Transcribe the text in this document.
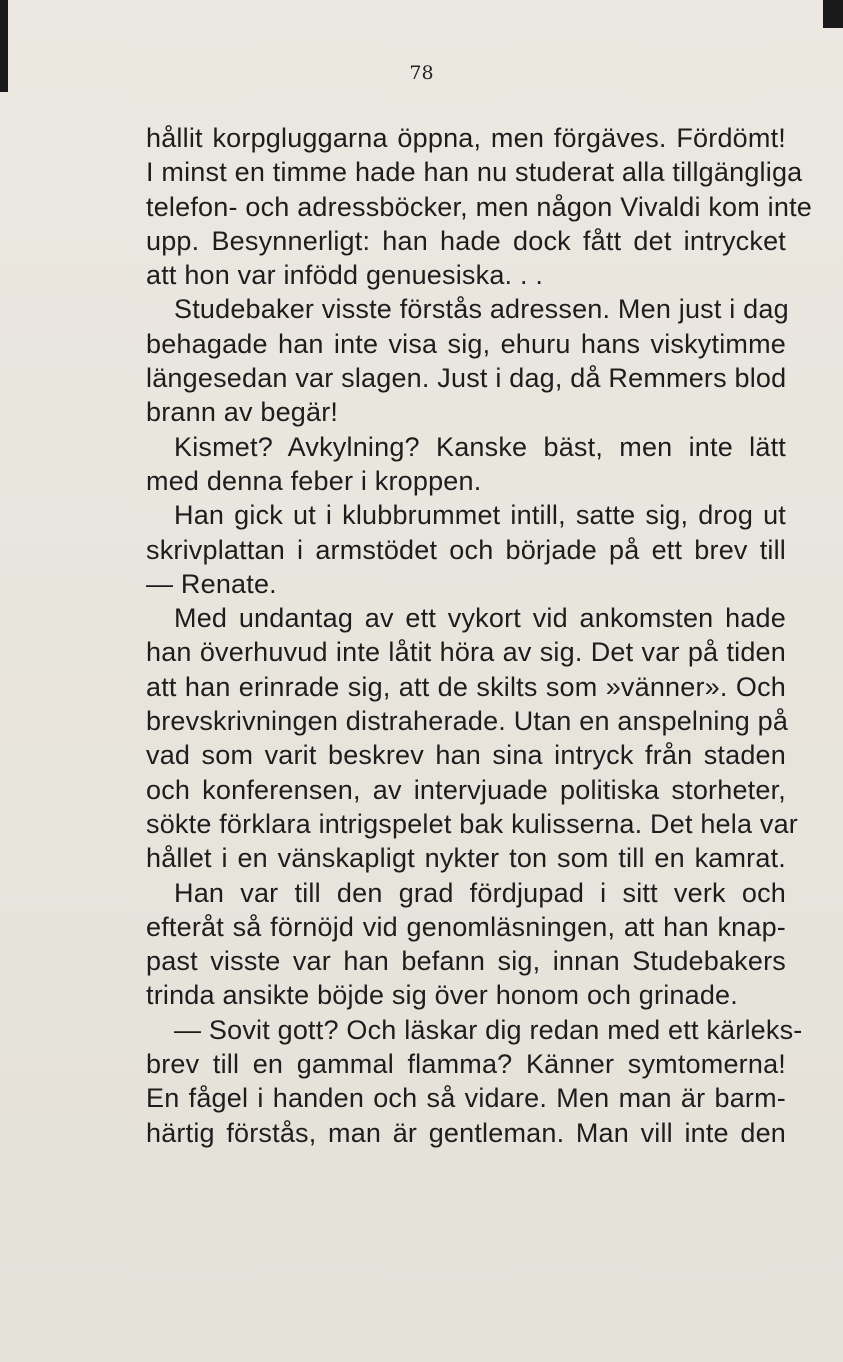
78
hållit korpgluggarna öppna, men förgäves. Fördömt!
I minst en timme hade han nu studerat alla tillgängliga
telefon- och adressböcker, men någon Vivaldi kom inte
upp. Besynnerligt: han hade dock fått det intrycket
att hon var infödd genuesiska. . .
Studebaker visste förstås adressen. Men just i dag
behagade han inte visa sig, ehuru hans viskytimme
längesedan var slagen. Just i dag, då Remmers blod
brann av begär!
Kismet? Avkylning? Kanske bäst, men inte lätt
med denna feber i kroppen.
Han gick ut i klubbrummet intill, satte sig, drog ut
skrivplattan i armstödet och började på ett brev till
— Renate.
Med undantag av ett vykort vid ankomsten hade
han överhuvud inte låtit höra av sig. Det var på tiden
att han erinrade sig, att de skilts som »vänner». Och
brevskrivningen distraherade. Utan en anspelning på
vad som varit beskrev han sina intryck från staden
och konferensen, av intervjuade politiska storheter,
sökte förklara intrigspelet bak kulisserna. Det hela var
hållet i en vänskapligt nykter ton som till en kamrat.
Han var till den grad fördjupad i sitt verk och
efteråt så förnöjd vid genomläsningen, att han knap-
past visste var han befann sig, innan Studebakers
trinda ansikte böjde sig över honom och grinade.
— Sovit gott? Och läskar dig redan med ett kärleks-
brev till en gammal flamma? Känner symtomerna!
En fågel i handen och så vidare. Men man är barm-
härtig förstås, man är gentleman. Man vill inte den
